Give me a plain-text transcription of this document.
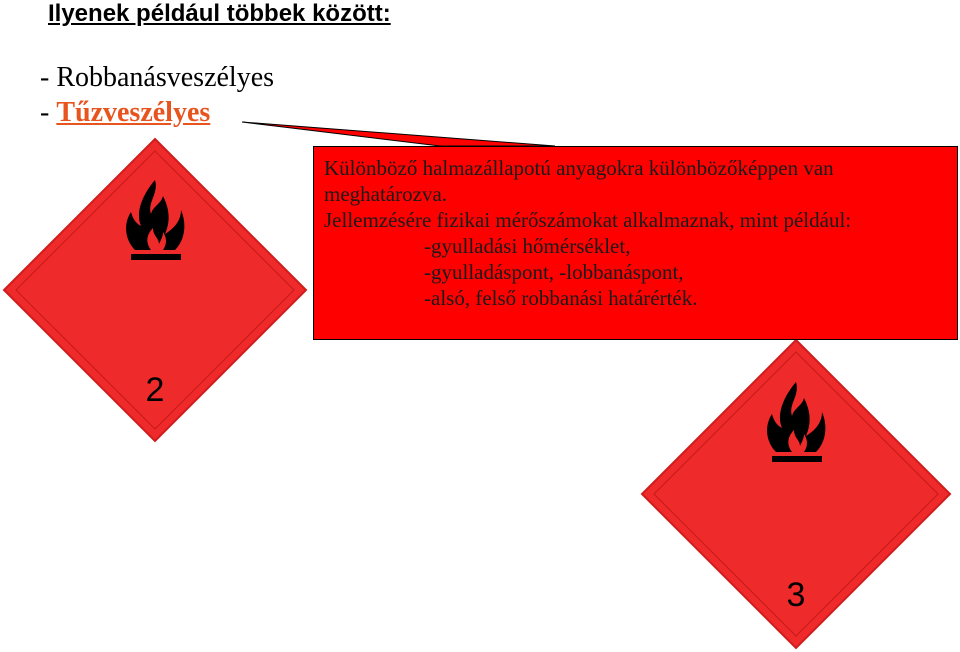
Ilyenek például többek között:
- Robbanásveszélyes
- Tűzveszélyes
2
3
Különböző halmazállapotú anyagokra különbözőképpen van
meghatározva.
Jellemzésére fizikai mérőszámokat alkalmaznak, mint például:
-gyulladási hőmérséklet,
-gyulladáspont, -lobbanáspont,
-alsó, felső robbanási határérték.
